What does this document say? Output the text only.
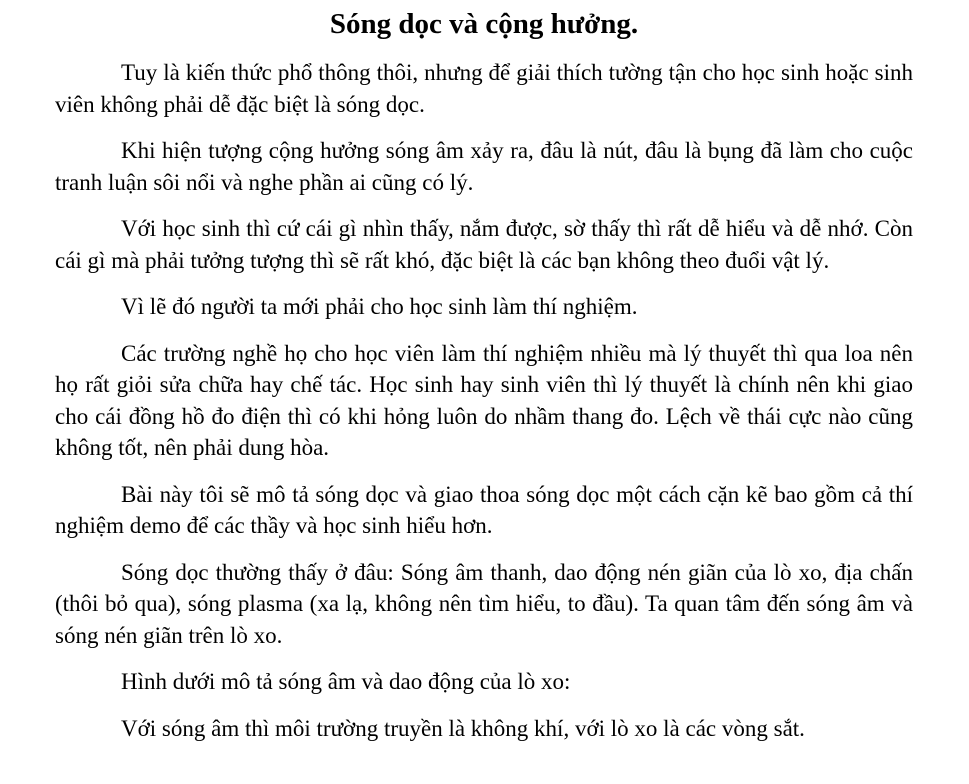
Sóng dọc và cộng hưởng.

Tuy là kiến thức phổ thông thôi, nhưng để giải thích tường tận cho học sinh hoặc sinh viên không phải dễ đặc biệt là sóng dọc.

Khi hiện tượng cộng hưởng sóng âm xảy ra, đâu là nút, đâu là bụng đã làm cho cuộc tranh luận sôi nổi và nghe phần ai cũng có lý.

Với học sinh thì cứ cái gì nhìn thấy, nắm được, sờ thấy thì rất dễ hiểu và dễ nhớ. Còn cái gì mà phải tưởng tượng thì sẽ rất khó, đặc biệt là các bạn không theo đuổi vật lý.

Vì lẽ đó người ta mới phải cho học sinh làm thí nghiệm.

Các trường nghề họ cho học viên làm thí nghiệm nhiều mà lý thuyết thì qua loa nên họ rất giỏi sửa chữa hay chế tác. Học sinh hay sinh viên thì lý thuyết là chính nên khi giao cho cái đồng hồ đo điện thì có khi hỏng luôn do nhầm thang đo. Lệch về thái cực nào cũng không tốt, nên phải dung hòa.

Bài này tôi sẽ mô tả sóng dọc và giao thoa sóng dọc một cách cặn kẽ bao gồm cả thí nghiệm demo để các thầy và học sinh hiểu hơn.

Sóng dọc thường thấy ở đâu: Sóng âm thanh, dao động nén giãn của lò xo, địa chấn (thôi bỏ qua), sóng plasma (xa lạ, không nên tìm hiểu, to đầu). Ta quan tâm đến sóng âm và sóng nén giãn trên lò xo.

Hình dưới mô tả sóng âm và dao động của lò xo:

Với sóng âm thì môi trường truyền là không khí, với lò xo là các vòng sắt.
